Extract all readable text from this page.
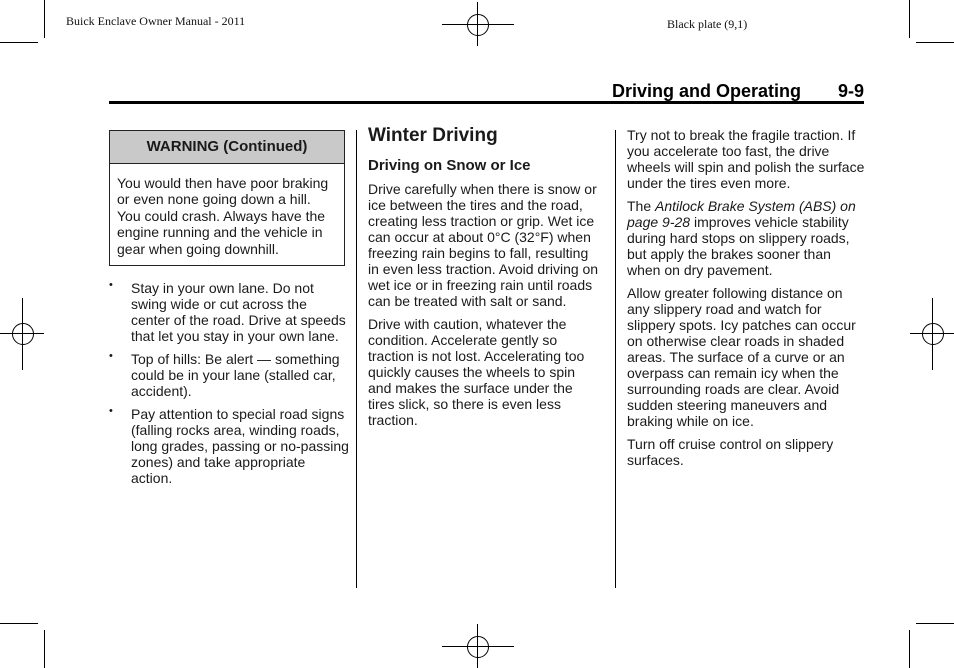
Buick Enclave Owner Manual - 2011	Black plate (9,1)
Driving and Operating 9-9
WARNING (Continued)
You would then have poor braking or even none going down a hill. You could crash. Always have the engine running and the vehicle in gear when going downhill.
• Stay in your own lane. Do not swing wide or cut across the center of the road. Drive at speeds that let you stay in your own lane.
• Top of hills: Be alert — something could be in your lane (stalled car, accident).
• Pay attention to special road signs (falling rocks area, winding roads, long grades, passing or no-passing zones) and take appropriate action.
Winter Driving
Driving on Snow or Ice

Drive carefully when there is snow or ice between the tires and the road, creating less traction or grip. Wet ice can occur at about 0°C (32°F) when freezing rain begins to fall, resulting in even less traction. Avoid driving on wet ice or in freezing rain until roads can be treated with salt or sand.

Drive with caution, whatever the condition. Accelerate gently so traction is not lost. Accelerating too quickly causes the wheels to spin and makes the surface under the tires slick, so there is even less traction.

Try not to break the fragile traction. If you accelerate too fast, the drive wheels will spin and polish the surface under the tires even more.

The Antilock Brake System (ABS) on page 9-28 improves vehicle stability during hard stops on slippery roads, but apply the brakes sooner than when on dry pavement.

Allow greater following distance on any slippery road and watch for slippery spots. Icy patches can occur on otherwise clear roads in shaded areas. The surface of a curve or an overpass can remain icy when the surrounding roads are clear. Avoid sudden steering maneuvers and braking while on ice.

Turn off cruise control on slippery surfaces.
